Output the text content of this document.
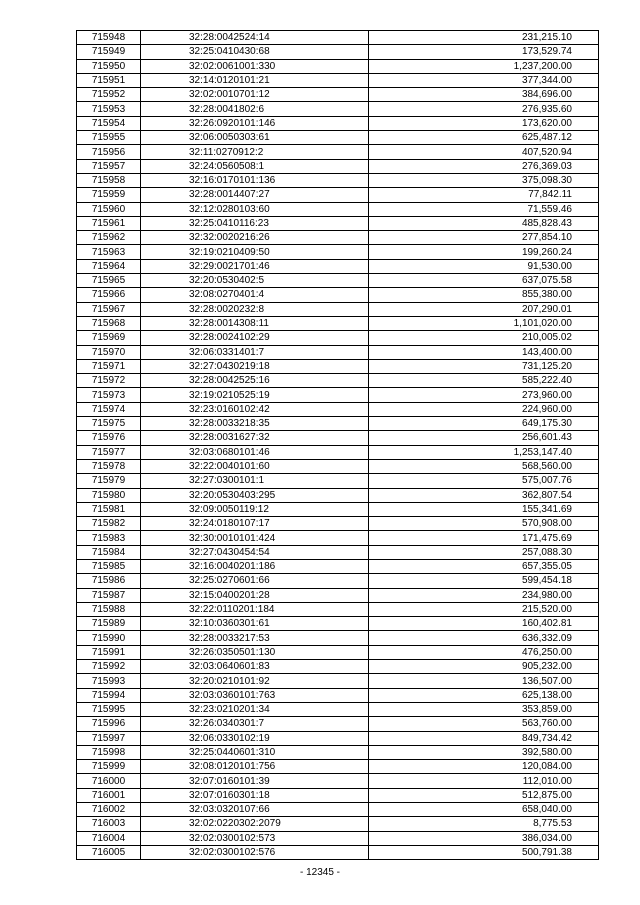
715948	32:28:0042524:14	231,215.10
715949	32:25:0410430:68	173,529.74
715950	32:02:0061001:330	1,237,200.00
715951	32:14:0120101:21	377,344.00
715952	32:02:0010701:12	384,696.00
715953	32:28:0041802:6	276,935.60
715954	32:26:0920101:146	173,620.00
715955	32:06:0050303:61	625,487.12
715956	32:11:0270912:2	407,520.94
715957	32:24:0560508:1	276,369.03
715958	32:16:0170101:136	375,098.30
715959	32:28:0014407:27	77,842.11
715960	32:12:0280103:60	71,559.46
715961	32:25:0410116:23	485,828.43
715962	32:32:0020216:26	277,854.10
715963	32:19:0210409:50	199,260.24
715964	32:29:0021701:46	91,530.00
715965	32:20:0530402:5	637,075.58
715966	32:08:0270401:4	855,380.00
715967	32:28:0020232:8	207,290.01
715968	32:28:0014308:11	1,101,020.00
715969	32:28:0024102:29	210,005.02
715970	32:06:0331401:7	143,400.00
715971	32:27:0430219:18	731,125.20
715972	32:28:0042525:16	585,222.40
715973	32:19:0210525:19	273,960.00
715974	32:23:0160102:42	224,960.00
715975	32:28:0033218:35	649,175.30
715976	32:28:0031627:32	256,601.43
715977	32:03:0680101:46	1,253,147.40
715978	32:22:0040101:60	568,560.00
715979	32:27:0300101:1	575,007.76
715980	32:20:0530403:295	362,807.54
715981	32:09:0050119:12	155,341.69
715982	32:24:0180107:17	570,908.00
715983	32:30:0010101:424	171,475.69
715984	32:27:0430454:54	257,088.30
715985	32:16:0040201:186	657,355.05
715986	32:25:0270601:66	599,454.18
715987	32:15:0400201:28	234,980.00
715988	32:22:0110201:184	215,520.00
715989	32:10:0360301:61	160,402.81
715990	32:28:0033217:53	636,332.09
715991	32:26:0350501:130	476,250.00
715992	32:03:0640601:83	905,232.00
715993	32:20:0210101:92	136,507.00
715994	32:03:0360101:763	625,138.00
715995	32:23:0210201:34	353,859.00
715996	32:26:0340301:7	563,760.00
715997	32:06:0330102:19	849,734.42
715998	32:25:0440601:310	392,580.00
715999	32:08:0120101:756	120,084.00
716000	32:07:0160101:39	112,010.00
716001	32:07:0160301:18	512,875.00
716002	32:03:0320107:66	658,040.00
716003	32:02:0220302:2079	8,775.53
716004	32:02:0300102:573	386,034.00
716005	32:02:0300102:576	500,791.38
- 12345 -
